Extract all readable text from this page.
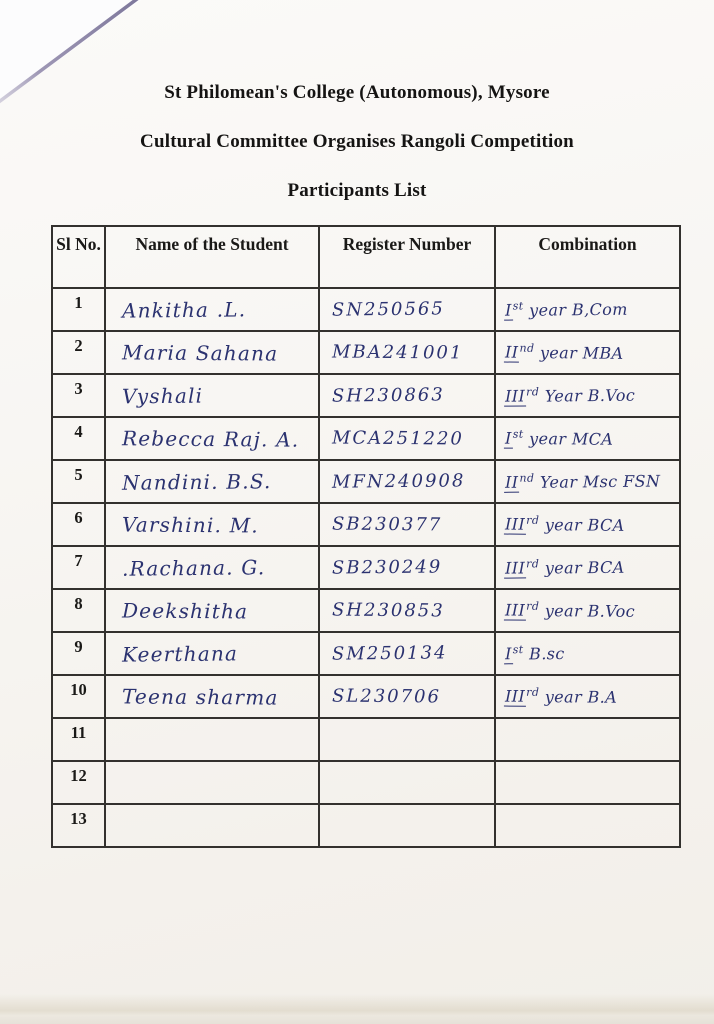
St Philomean's College (Autonomous), Mysore
Cultural Committee Organises Rangoli Competition
Participants List
Sl No.	Name of the Student	Register Number	Combination
1	Ankitha .L.	SN250565	Ist year B,Com
2	Maria Sahana	MBA241001	IInd year MBA
3	Vyshali	SH230863	IIIrd Year B.Voc
4	Rebecca Raj. A.	MCA251220	Ist year MCA
5	Nandini. B.S.	MFN240908	IInd Year Msc FSN
6	Varshini. M.	SB230377	IIIrd year BCA
7	.Rachana. G.	SB230249	IIIrd year BCA
8	Deekshitha	SH230853	IIIrd year B.Voc
9	Keerthana	SM250134	Ist B.sc
10	Teena sharma	SL230706	IIIrd year B.A
11			
12			
13			
